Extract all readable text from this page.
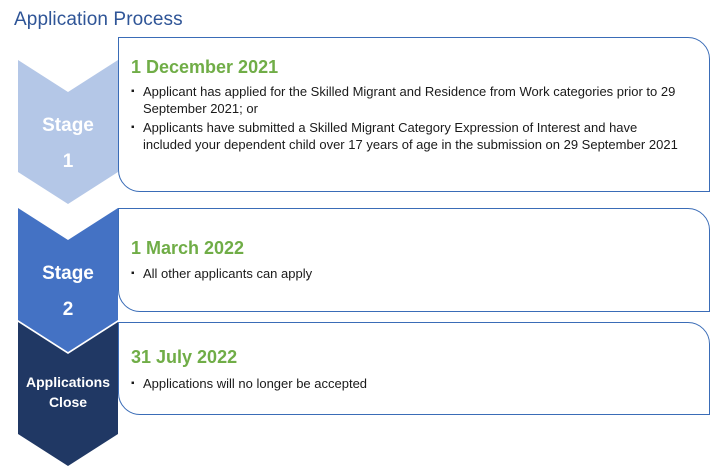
Application Process
Stage
1
Stage
2
Applications
Close
1 December 2021
▪ Applicant has applied for the Skilled Migrant and Residence from Work categories prior to 29 September 2021; or
▪ Applicants have submitted a Skilled Migrant Category Expression of Interest and have included your dependent child over 17 years of age in the submission on 29 September 2021
1 March 2022
▪ All other applicants can apply
31 July 2022
▪ Applications will no longer be accepted
